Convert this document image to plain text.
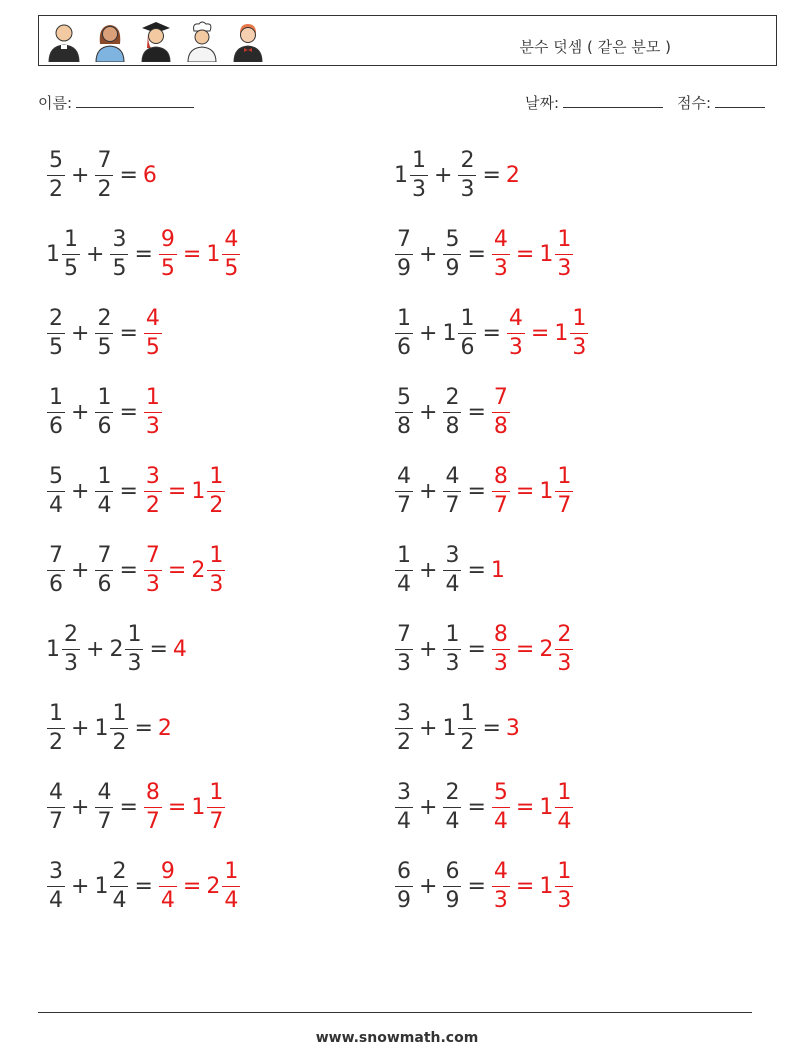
분수 덧셈 ( 같은 분모 )
이름:	날짜:	점수:
$\frac{5}{2} + \frac{7}{2} = 6$	$1 \frac{1}{3} + \frac{2}{3} = 2$
$1 \frac{1}{5} + \frac{3}{5} = \frac{9}{5} = 1 \frac{4}{5}$	$\frac{7}{9} + \frac{5}{9} = \frac{4}{3} = 1 \frac{1}{3}$
$\frac{2}{5} + \frac{2}{5} = \frac{4}{5}$	$\frac{1}{6} + 1 \frac{1}{6} = \frac{4}{3} = 1 \frac{1}{3}$
$\frac{1}{6} + \frac{1}{6} = \frac{1}{3}$	$\frac{5}{8} + \frac{2}{8} = \frac{7}{8}$
$\frac{5}{4} + \frac{1}{4} = \frac{3}{2} = 1 \frac{1}{2}$	$\frac{4}{7} + \frac{4}{7} = \frac{8}{7} = 1 \frac{1}{7}$
$\frac{7}{6} + \frac{7}{6} = \frac{7}{3} = 2 \frac{1}{3}$	$\frac{1}{4} + \frac{3}{4} = 1$
$1 \frac{2}{3} + 2 \frac{1}{3} = 4$	$\frac{7}{3} + \frac{1}{3} = \frac{8}{3} = 2 \frac{2}{3}$
$\frac{1}{2} + 1 \frac{1}{2} = 2$	$\frac{3}{2} + 1 \frac{1}{2} = 3$
$\frac{4}{7} + \frac{4}{7} = \frac{8}{7} = 1 \frac{1}{7}$	$\frac{3}{4} + \frac{2}{4} = \frac{5}{4} = 1 \frac{1}{4}$
$\frac{3}{4} + 1 \frac{2}{4} = \frac{9}{4} = 2 \frac{1}{4}$	$\frac{6}{9} + \frac{6}{9} = \frac{4}{3} = 1 \frac{1}{3}$
www.snowmath.com
